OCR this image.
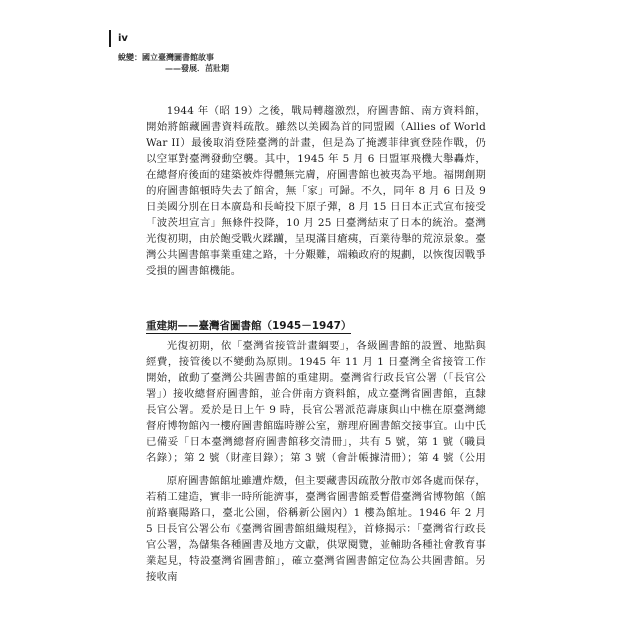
iv
蛻變：國立臺灣圖書館故事
——發展．茁壯期

1944 年（昭 19）之後，戰局轉趨激烈，府圖書館、南方資料館，開始將館藏圖書資料疏散。雖然以美國為首的同盟國（Allies of World War II）最後取消登陸臺灣的計畫，但是為了掩護菲律賓登陸作戰，仍以空軍對臺灣發動空襲。其中，1945 年 5 月 6 日盟軍飛機大舉轟炸，在總督府後面的建築被炸得體無完膚，府圖書館也被夷為平地。福開創期的府圖書館頓時失去了館舍，無「家」可歸。不久，同年 8 月 6 日及 9 日美國分別在日本廣島和長崎投下原子彈，8 月 15 日日本正式宣布接受「波茨坦宣言」無條件投降，10 月 25 日臺灣結束了日本的統治。臺灣光復初期，由於飽受戰火蹂躪，呈現滿目瘡痍，百業待舉的荒涼景象。臺灣公共圖書館事業重建之路，十分艱難，端賴政府的規劃，以恢復因戰爭受損的圖書館機能。

重建期——臺灣省圖書館（1945－1947）

光復初期，依「臺灣省接管計畫綱要」，各級圖書館的設置、地點與經費，接管後以不變動為原則。1945 年 11 月 1 日臺灣全省接管工作開始，啟動了臺灣公共圖書館的重建期。臺灣省行政長官公署（「長官公署」）接收總督府圖書館，並合併南方資料館，成立臺灣省圖書館，直隸長官公署。爰於是日上午 9 時，長官公署派范壽康與山中樵在原臺灣總督府博物館內一樓府圖書館臨時辦公室，辦理府圖書館交接事宜。山中氏已備妥「日本臺灣總督府圖書館移交清冊」，共有 5 號，第 1 號（職員名錄）；第 2 號（財產目錄）；第 3 號（會計帳據清冊）；第 4 號（公用

原府圖書館館址雖遭炸燬，但主要藏書因疏散分散市郊各處而保存，若稍工建造，實非一時所能濟事，臺灣省圖書館爰暫借臺灣省博物館（館前路襄陽路口，臺北公園，俗稱新公園內）1 樓為館址。1946 年 2 月 5 日長官公署公布《臺灣省圖書館組織規程》，首條揭示：「臺灣省行政長官公署，為儲集各種圖書及地方文獻，供眾閱覽，並輔助各種社會教育事業起見，特設臺灣省圖書館」，確立臺灣省圖書館定位為公共圖書館。另接收南
